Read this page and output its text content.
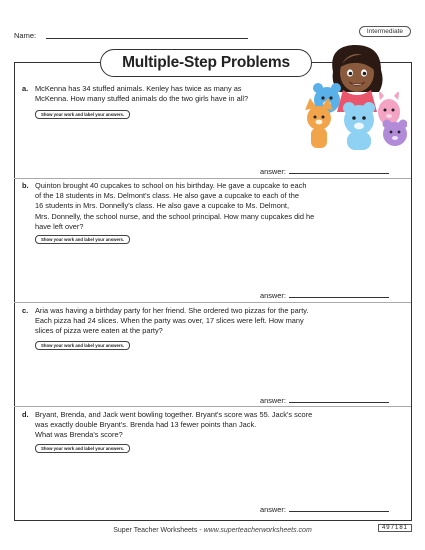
Name:	Intermediate
Multiple-Step Problems
a. McKenna has 34 stuffed animals. Kenley has twice as many as
McKenna. How many stuffed animals do the two girls have in all?
Show your work and label your answers.
answer:
b. Quinton brought 40 cupcakes to school on his birthday. He gave a cupcake to each
of the 18 students in Ms. Delmont's class. He also gave a cupcake to each of the
16 students in Mrs. Donnelly's class. He also gave a cupcake to Ms. Delmont,
Mrs. Donnelly, the school nurse, and the school principal. How many cupcakes did he
have left over?
Show your work and label your answers.
answer:
c. Aria was having a birthday party for her friend. She ordered two pizzas for the party.
Each pizza had 24 slices. When the party was over, 17 slices were left. How many
slices of pizza were eaten at the party?
Show your work and label your answers.
answer:
d. Bryant, Brenda, and Jack went bowling together. Bryant's score was 55. Jack's score
was exactly double Bryant's. Brenda had 13 fewer points than Jack.
What was Brenda's score?
Show your work and label your answers.
answer:
Super Teacher Worksheets - www.superteacherworksheets.com	497181
